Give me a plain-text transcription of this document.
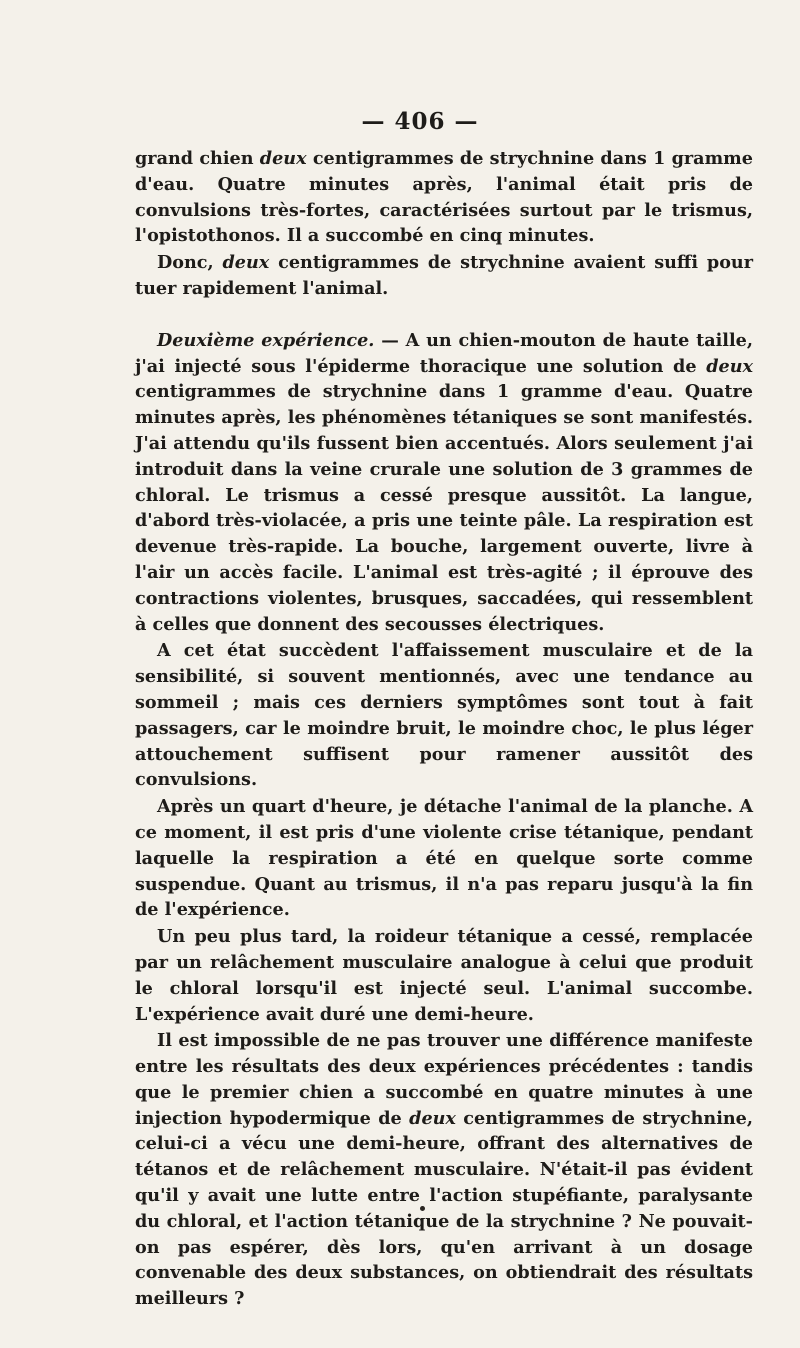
— 406 —

grand chien deux centigrammes de strychnine dans 1 gramme d'eau. Quatre minutes après, l'animal était pris de convulsions très-fortes, caractérisées surtout par le trismus, l'opistothonos. Il a succombé en cinq minutes.

Donc, deux centigrammes de strychnine avaient suffi pour tuer rapidement l'animal.

Deuxième expérience. — A un chien-mouton de haute taille, j'ai injecté sous l'épiderme thoracique une solution de deux centigrammes de strychnine dans 1 gramme d'eau. Quatre minutes après, les phénomènes tétaniques se sont manifestés. J'ai attendu qu'ils fussent bien accentués. Alors seulement j'ai introduit dans la veine crurale une solution de 3 grammes de chloral. Le trismus a cessé presque aussitôt. La langue, d'abord très-violacée, a pris une teinte pâle. La respiration est devenue très-rapide. La bouche, largement ouverte, livre à l'air un accès facile. L'animal est très-agité ; il éprouve des contractions violentes, brusques, saccadées, qui ressemblent à celles que donnent des secousses électriques.

A cet état succèdent l'affaissement musculaire et de la sensibilité, si souvent mentionnés, avec une tendance au sommeil ; mais ces derniers symptômes sont tout à fait passagers, car le moindre bruit, le moindre choc, le plus léger attouchement suffisent pour ramener aussitôt des convulsions.

Après un quart d'heure, je détache l'animal de la planche. A ce moment, il est pris d'une violente crise tétanique, pendant laquelle la respiration a été en quelque sorte comme suspendue. Quant au trismus, il n'a pas reparu jusqu'à la fin de l'expérience.

Un peu plus tard, la roideur tétanique a cessé, remplacée par un relâchement musculaire analogue à celui que produit le chloral lorsqu'il est injecté seul. L'animal succombe. L'expérience avait duré une demi-heure.

Il est impossible de ne pas trouver une différence manifeste entre les résultats des deux expériences précédentes : tandis que le premier chien a succombé en quatre minutes à une injection hypodermique de deux centigrammes de strychnine, celui-ci a vécu une demi-heure, offrant des alternatives de tétanos et de relâchement musculaire. N'était-il pas évident qu'il y avait une lutte entre l'action stupéfiante, paralysante du chloral, et l'action tétanique de la strychnine ? Ne pouvait-on pas espérer, dès lors, qu'en arrivant à un dosage convenable des deux substances, on obtiendrait des résultats meilleurs ?
